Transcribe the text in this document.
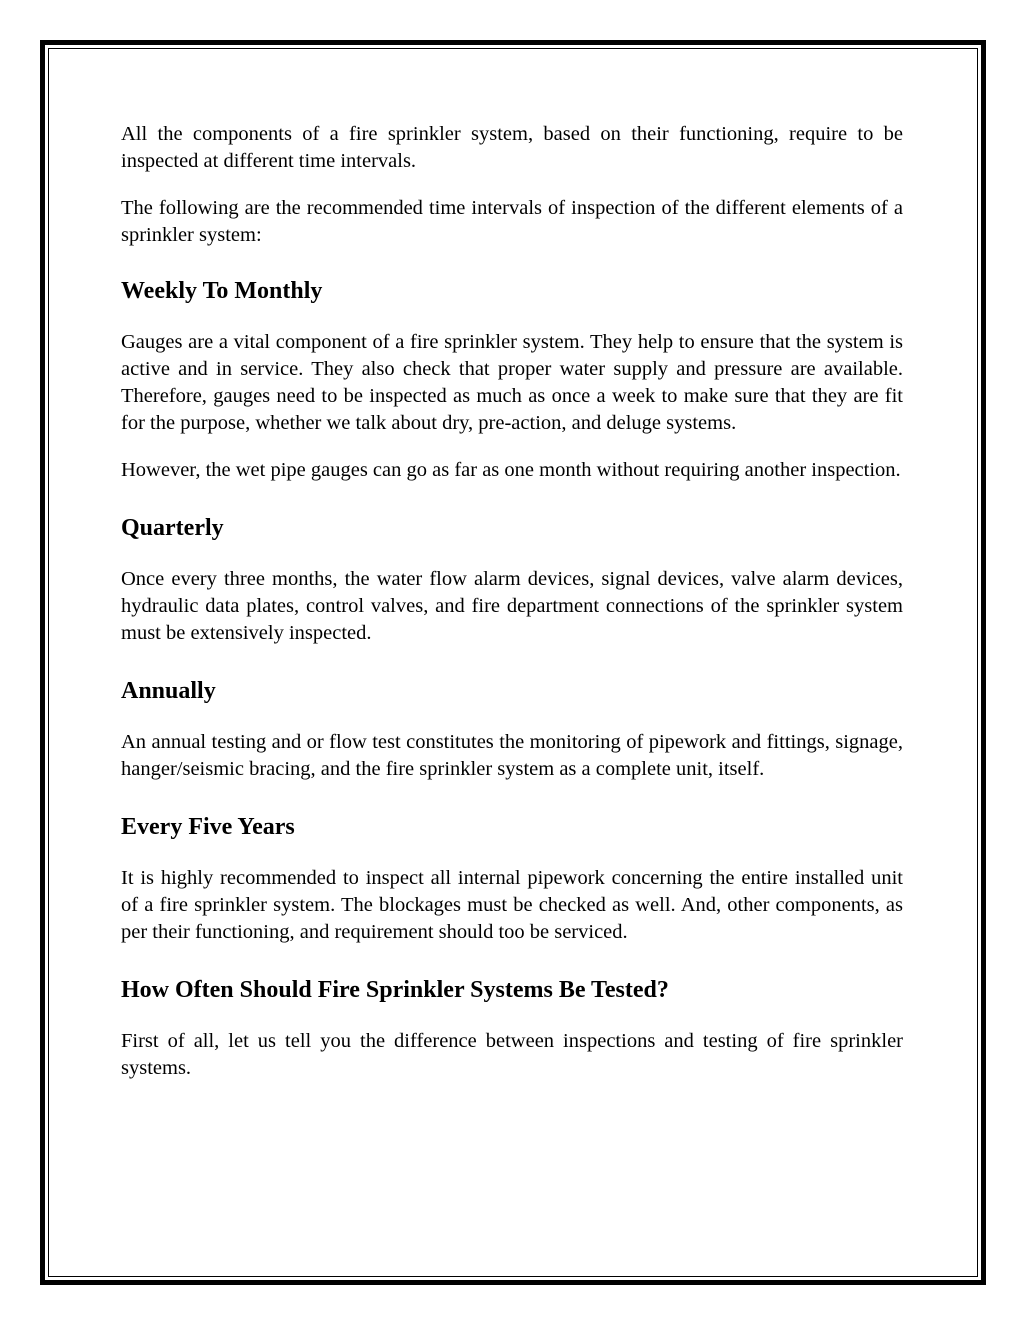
All the components of a fire sprinkler system, based on their functioning, require to be inspected at different time intervals.

The following are the recommended time intervals of inspection of the different elements of a sprinkler system:

Weekly To Monthly

Gauges are a vital component of a fire sprinkler system. They help to ensure that the system is active and in service. They also check that proper water supply and pressure are available. Therefore, gauges need to be inspected as much as once a week to make sure that they are fit for the purpose, whether we talk about dry, pre-action, and deluge systems.

However, the wet pipe gauges can go as far as one month without requiring another inspection.

Quarterly

Once every three months, the water flow alarm devices, signal devices, valve alarm devices, hydraulic data plates, control valves, and fire department connections of the sprinkler system must be extensively inspected.

Annually

An annual testing and or flow test constitutes the monitoring of pipework and fittings, signage, hanger/seismic bracing, and the fire sprinkler system as a complete unit, itself.

Every Five Years

It is highly recommended to inspect all internal pipework concerning the entire installed unit of a fire sprinkler system. The blockages must be checked as well. And, other components, as per their functioning, and requirement should too be serviced.

How Often Should Fire Sprinkler Systems Be Tested?

First of all, let us tell you the difference between inspections and testing of fire sprinkler systems.
